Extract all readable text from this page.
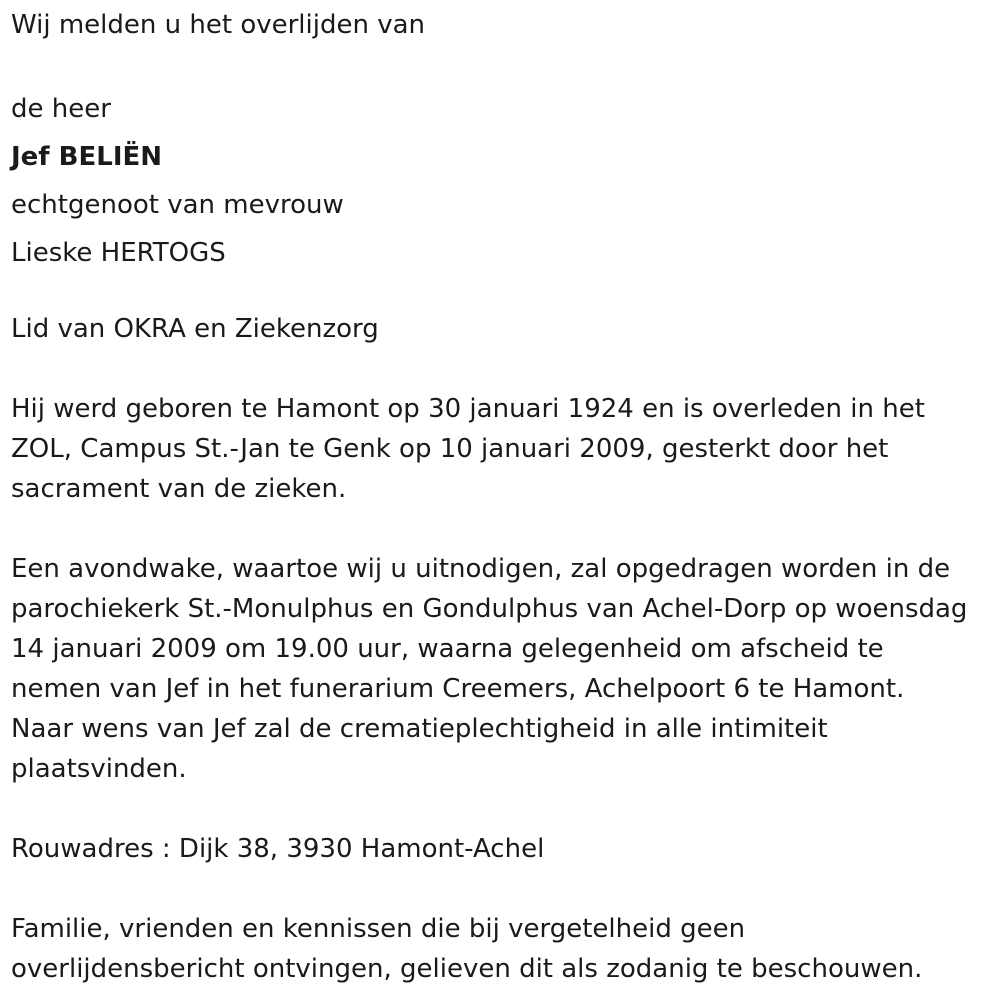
Wij melden u het overlijden van

de heer

Jef BELIËN

echtgenoot van mevrouw

Lieske HERTOGS

Lid van OKRA en Ziekenzorg

Hij werd geboren te Hamont op 30 januari 1924 en is overleden in het

ZOL, Campus St.-Jan te Genk op 10 januari 2009, gesterkt door het

sacrament van de zieken.

Een avondwake, waartoe wij u uitnodigen, zal opgedragen worden in de

parochiekerk St.-Monulphus en Gondulphus van Achel-Dorp op woensdag

14 januari 2009 om 19.00 uur, waarna gelegenheid om afscheid te

nemen van Jef in het funerarium Creemers, Achelpoort 6 te Hamont.

Naar wens van Jef zal de crematieplechtigheid in alle intimiteit

plaatsvinden.

Rouwadres : Dijk 38, 3930 Hamont-Achel

Familie, vrienden en kennissen die bij vergetelheid geen

overlijdensbericht ontvingen, gelieven dit als zodanig te beschouwen.
